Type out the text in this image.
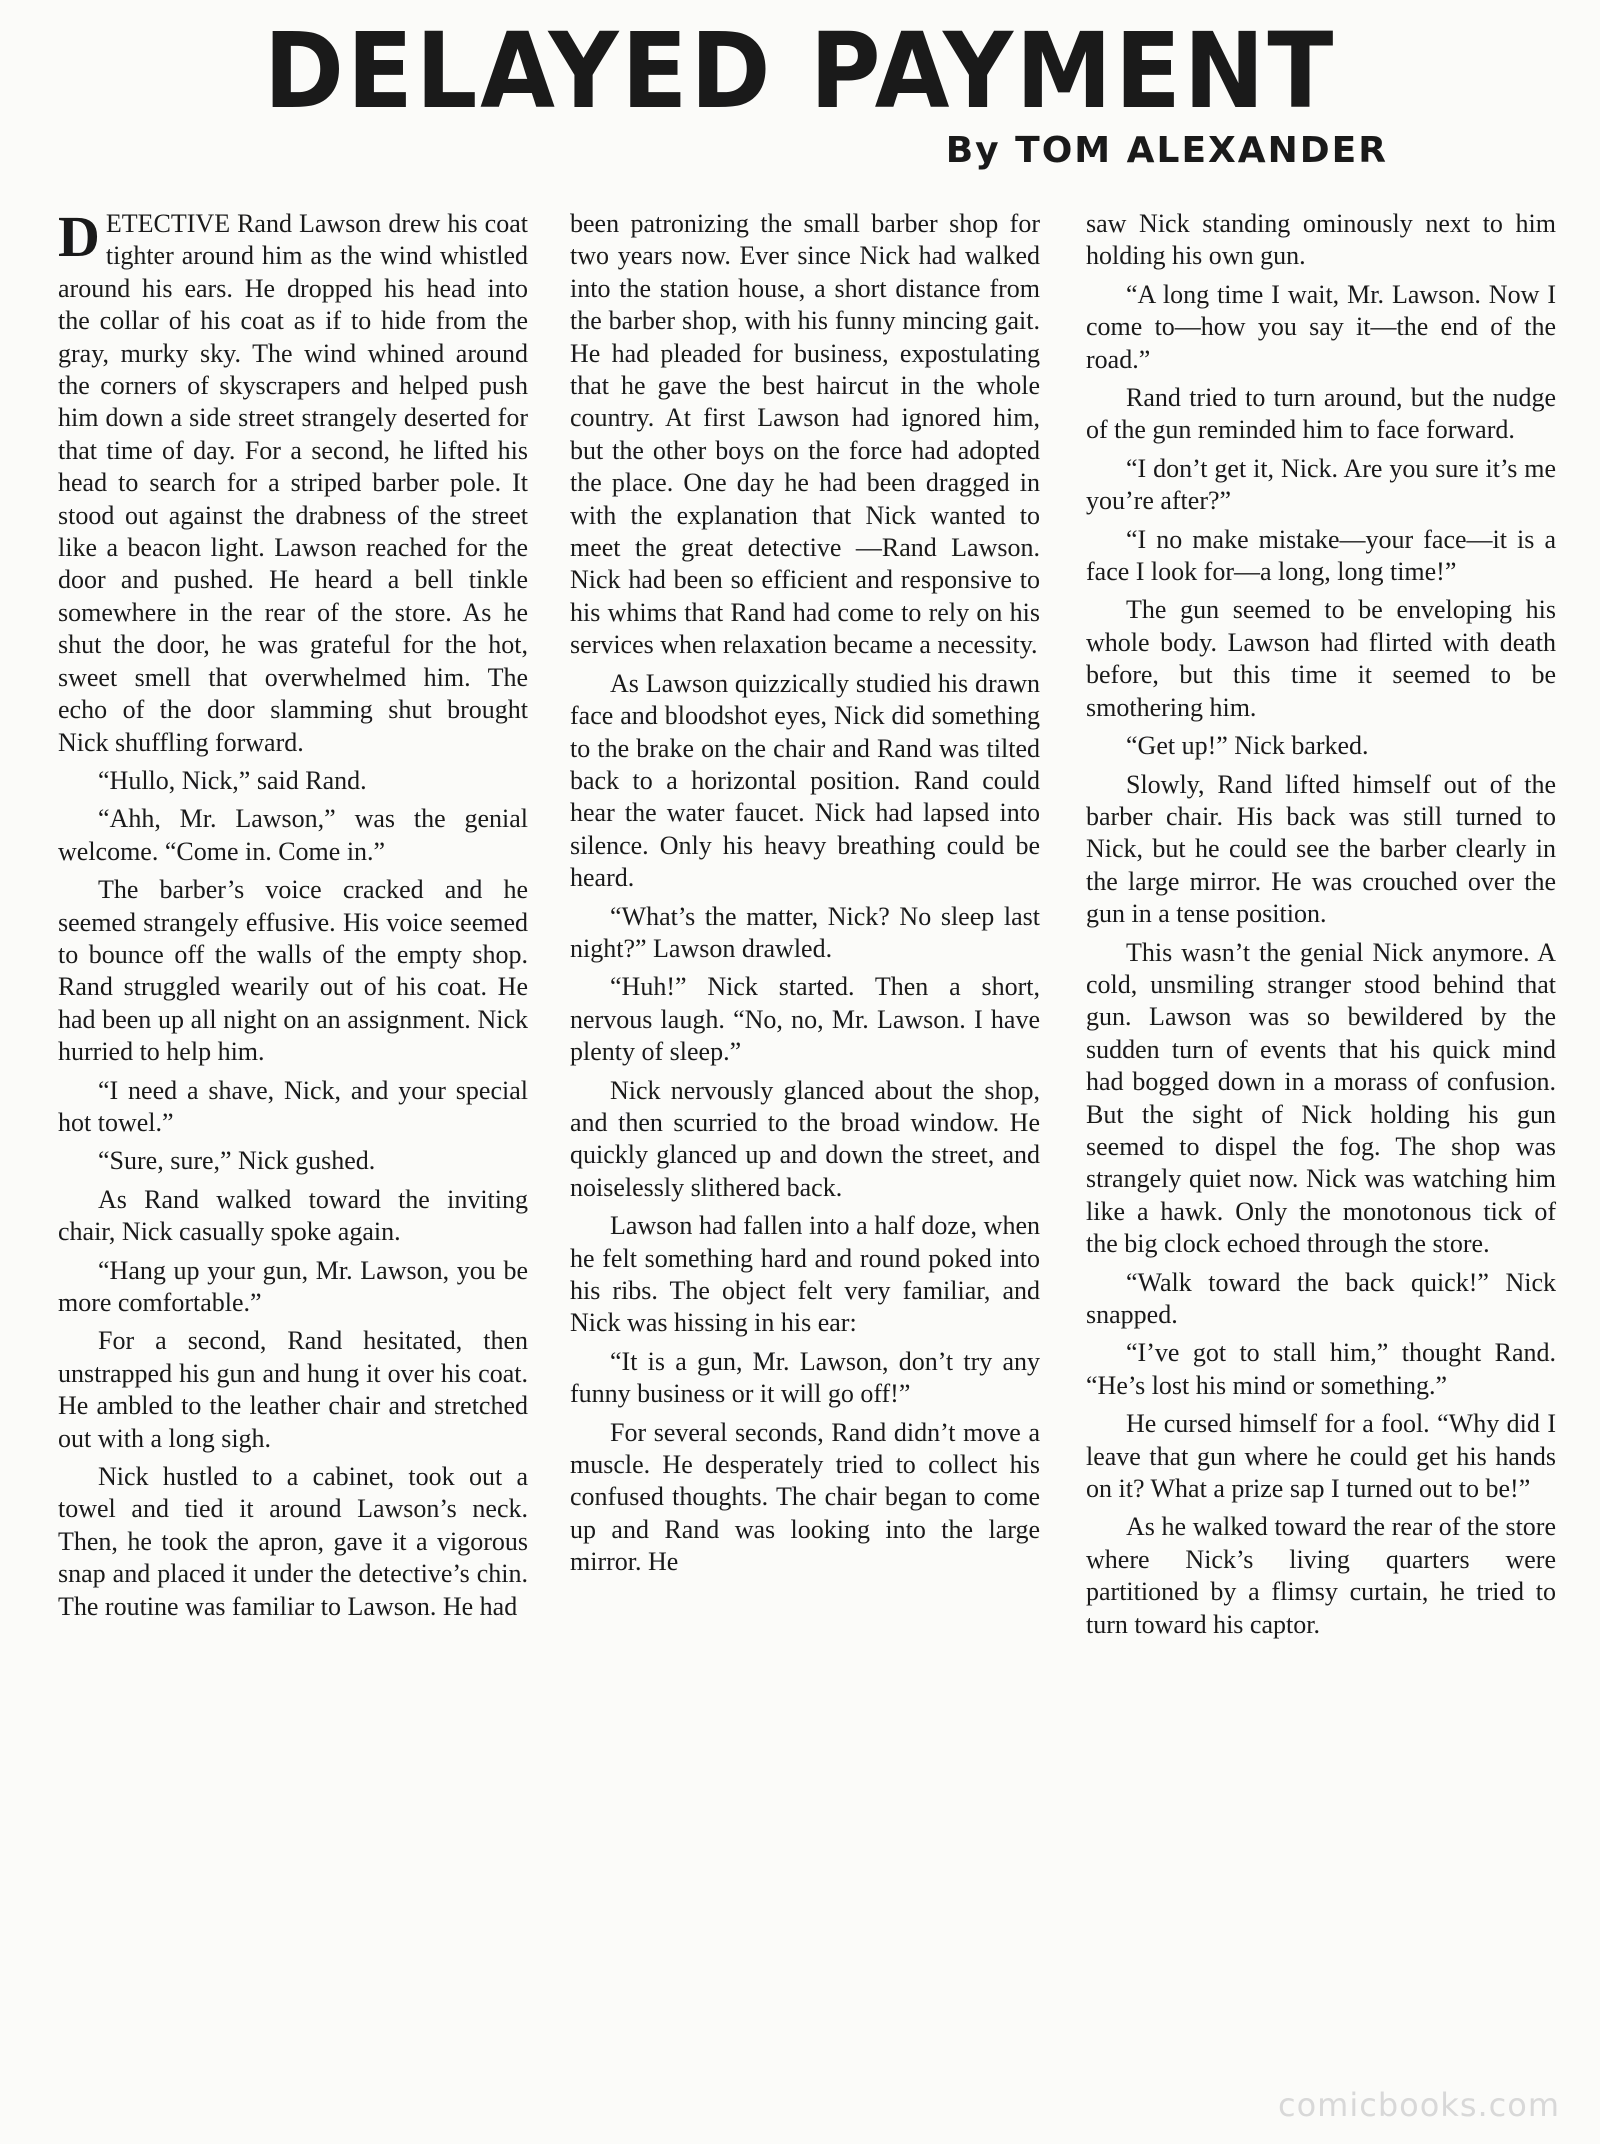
DELAYED PAYMENT
By TOM ALEXANDER

DETECTIVE Rand Lawson drew his coat tighter around him as the wind whistled around his ears. He dropped his head into the collar of his coat as if to hide from the gray, murky sky. The wind whined around the corners of skyscrapers and helped push him down a side street strangely deserted for that time of day. For a second, he lifted his head to search for a striped barber pole. It stood out against the drabness of the street like a beacon light. Lawson reached for the door and pushed. He heard a bell tinkle somewhere in the rear of the store. As he shut the door, he was grateful for the hot, sweet smell that overwhelmed him. The echo of the door slamming shut brought Nick shuffling forward.

“Hullo, Nick,” said Rand.

“Ahh, Mr. Lawson,” was the genial welcome. “Come in. Come in.”

The barber’s voice cracked and he seemed strangely effusive. His voice seemed to bounce off the walls of the empty shop. Rand struggled wearily out of his coat. He had been up all night on an assignment. Nick hurried to help him.

“I need a shave, Nick, and your special hot towel.”

“Sure, sure,” Nick gushed.

As Rand walked toward the inviting chair, Nick casually spoke again.

“Hang up your gun, Mr. Lawson, you be more comfortable.”

For a second, Rand hesitated, then unstrapped his gun and hung it over his coat. He ambled to the leather chair and stretched out with a long sigh.

Nick hustled to a cabinet, took out a towel and tied it around Lawson’s neck. Then, he took the apron, gave it a vigorous snap and placed it under the detective’s chin. The routine was familiar to Lawson. He had

been patronizing the small barber shop for two years now. Ever since Nick had walked into the station house, a short distance from the barber shop, with his funny mincing gait. He had pleaded for business, expostulating that he gave the best haircut in the whole country. At first Lawson had ignored him, but the other boys on the force had adopted the place. One day he had been dragged in with the explanation that Nick wanted to meet the great detective —Rand Lawson. Nick had been so efficient and responsive to his whims that Rand had come to rely on his services when relaxation became a necessity.

As Lawson quizzically studied his drawn face and bloodshot eyes, Nick did something to the brake on the chair and Rand was tilted back to a horizontal position. Rand could hear the water faucet. Nick had lapsed into silence. Only his heavy breathing could be heard.

“What’s the matter, Nick? No sleep last night?” Lawson drawled.

“Huh!” Nick started. Then a short, nervous laugh. “No, no, Mr. Lawson. I have plenty of sleep.”

Nick nervously glanced about the shop, and then scurried to the broad window. He quickly glanced up and down the street, and noiselessly slithered back.

Lawson had fallen into a half doze, when he felt something hard and round poked into his ribs. The object felt very familiar, and Nick was hissing in his ear:

“It is a gun, Mr. Lawson, don’t try any funny business or it will go off!”

For several seconds, Rand didn’t move a muscle. He desperately tried to collect his confused thoughts. The chair began to come up and Rand was looking into the large mirror. He

saw Nick standing ominously next to him holding his own gun.

“A long time I wait, Mr. Lawson. Now I come to—how you say it—the end of the road.”

Rand tried to turn around, but the nudge of the gun reminded him to face forward.

“I don’t get it, Nick. Are you sure it’s me you’re after?”

“I no make mistake—your face—it is a face I look for—a long, long time!”

The gun seemed to be enveloping his whole body. Lawson had flirted with death before, but this time it seemed to be smothering him.

“Get up!” Nick barked.

Slowly, Rand lifted himself out of the barber chair. His back was still turned to Nick, but he could see the barber clearly in the large mirror. He was crouched over the gun in a tense position.

This wasn’t the genial Nick anymore. A cold, unsmiling stranger stood behind that gun. Lawson was so bewildered by the sudden turn of events that his quick mind had bogged down in a morass of confusion. But the sight of Nick holding his gun seemed to dispel the fog. The shop was strangely quiet now. Nick was watching him like a hawk. Only the monotonous tick of the big clock echoed through the store.

“Walk toward the back quick!” Nick snapped.

“I’ve got to stall him,” thought Rand. “He’s lost his mind or something.”

He cursed himself for a fool. “Why did I leave that gun where he could get his hands on it? What a prize sap I turned out to be!”

As he walked toward the rear of the store where Nick’s living quarters were partitioned by a flimsy curtain, he tried to turn toward his captor.

comicbooks.com
